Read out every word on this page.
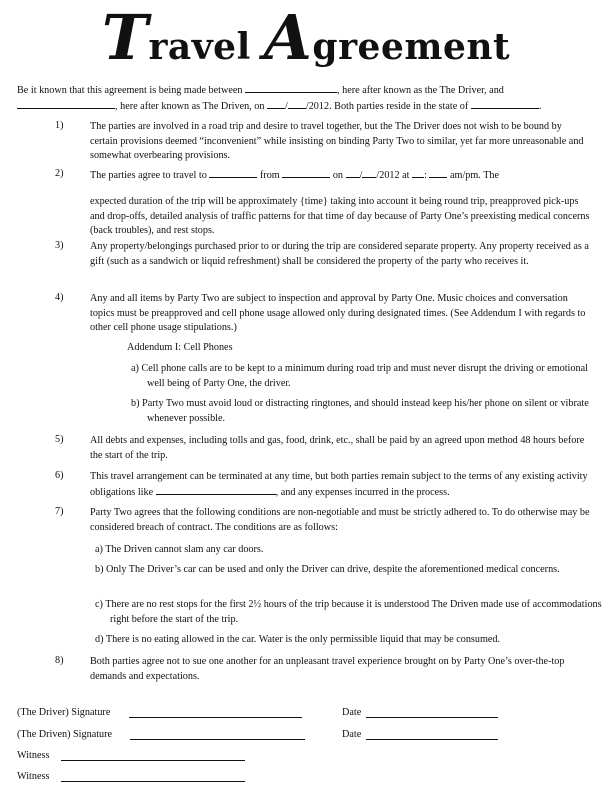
Travel Agreement
Be it known that this agreement is being made between	, here after known as the The Driver, and
, here after known as The Driven, on / /2012. Both parties reside in the state of	.
1)	The parties are involved in a road trip and desire to travel together, but the The Driver does not wish to be bound by certain provisions deemed “inconvenient” while insisting on binding Party Two to similar, yet far more unreasonable and somewhat overbearing provisions.
2)	The parties agree to travel to	from	on / /2012 at : am/pm. The
expected duration of the trip will be approximately {time} taking into account it being round trip, preapproved pick-ups and drop-offs, detailed analysis of traffic patterns for that time of day because of Party One’s preexisting medical concerns (back troubles), and rest stops.
3)	Any property/belongings purchased prior to or during the trip are considered separate property. Any property received as a gift (such as a sandwich or liquid refreshment) shall be considered the property of the party who receives it.
4)	Any and all items by Party Two are subject to inspection and approval by Party One. Music choices and conversation topics must be preapproved and cell phone usage allowed only during designated times. (See Addendum I with regards to other cell phone usage stipulations.)
Addendum I: Cell Phones
a) Cell phone calls are to be kept to a minimum during road trip and must never disrupt the driving or emotional well being of Party One, the driver.
b) Party Two must avoid loud or distracting ringtones, and should instead keep his/her phone on silent or vibrate whenever possible.
5)	All debts and expenses, including tolls and gas, food, drink, etc., shall be paid by an agreed upon method 48 hours before the start of the trip.
6)	This travel arrangement can be terminated at any time, but both parties remain subject to the terms of any existing activity obligations like	, and any expenses incurred in the process.
7)	Party Two agrees that the following conditions are non-negotiable and must be strictly adhered to. To do otherwise may be considered breach of contract. The conditions are as follows:
a) The Driven cannot slam any car doors.
b) Only The Driver’s car can be used and only the Driver can drive, despite the aforementioned medical concerns.
c) There are no rest stops for the first 2½ hours of the trip because it is understood The Driven made use of accommodations right before the start of the trip.
d) There is no eating allowed in the car. Water is the only permissible liquid that may be consumed.
8)	Both parties agree not to sue one another for an unpleasant travel experience brought on by Party One’s over-the-top demands and expectations.
(The Driver) Signature	Date
(The Driven) Signature	Date
Witness
Witness
